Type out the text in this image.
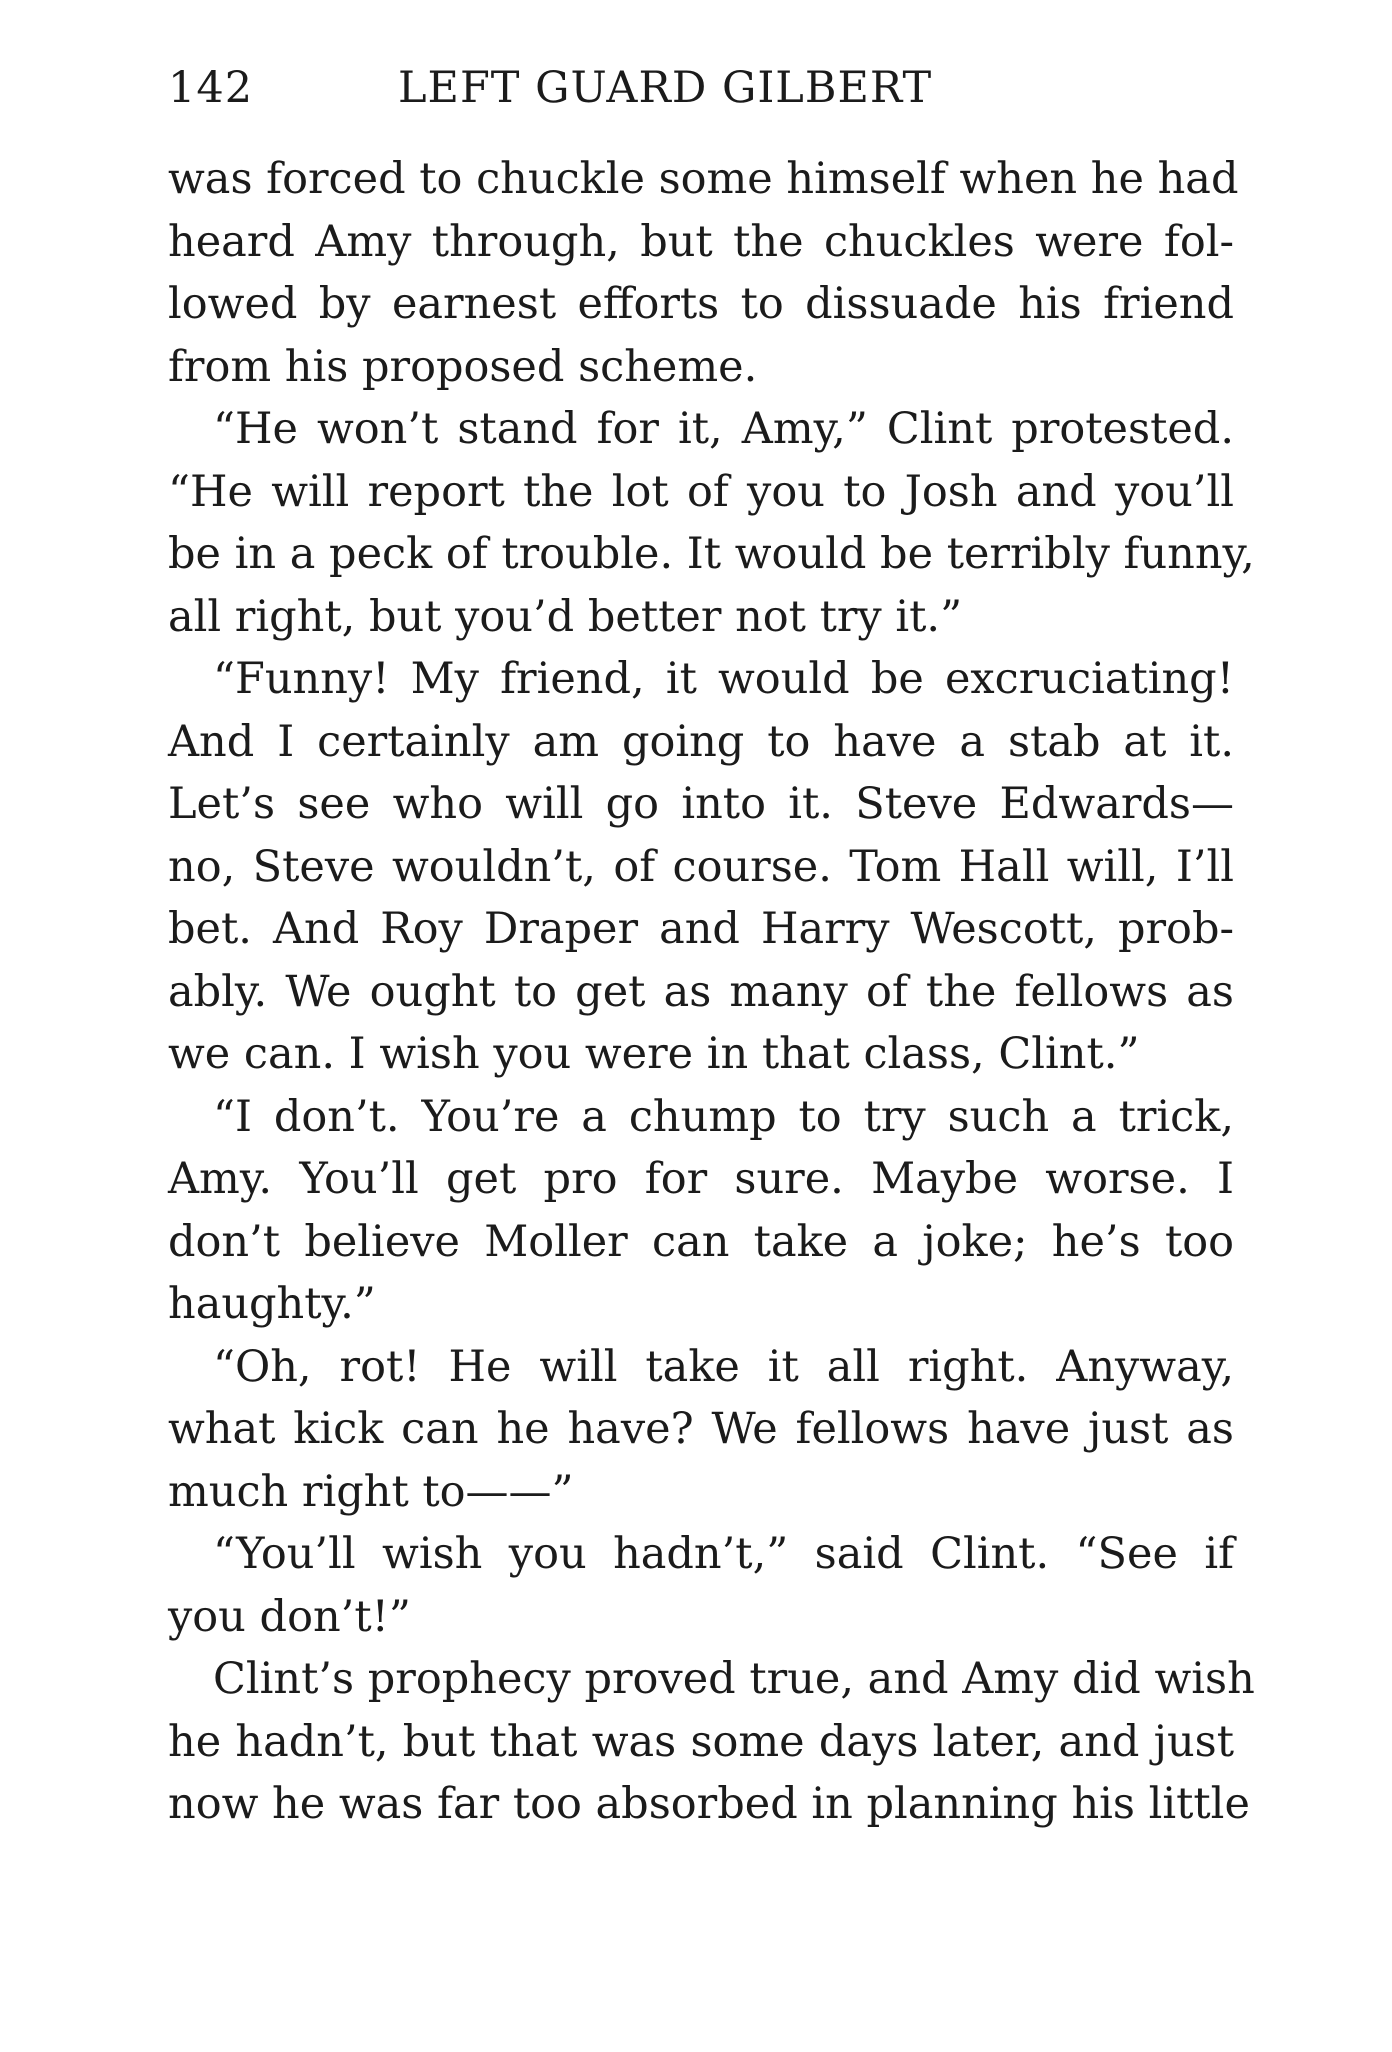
142	LEFT GUARD GILBERT
was forced to chuckle some himself when he had
heard Amy through, but the chuckles were fol-
lowed by earnest efforts to dissuade his friend
from his proposed scheme.
“He won’t stand for it, Amy,” Clint protested.
“He will report the lot of you to Josh and you’ll
be in a peck of trouble. It would be terribly funny,
all right, but you’d better not try it.”
“Funny! My friend, it would be excruciating!
And I certainly am going to have a stab at it.
Let’s see who will go into it. Steve Edwards—
no, Steve wouldn’t, of course. Tom Hall will, I’ll
bet. And Roy Draper and Harry Wescott, prob-
ably. We ought to get as many of the fellows as
we can. I wish you were in that class, Clint.”
“I don’t. You’re a chump to try such a trick,
Amy. You’ll get pro for sure. Maybe worse. I
don’t believe Moller can take a joke; he’s too
haughty.”
“Oh, rot! He will take it all right. Anyway,
what kick can he have? We fellows have just as
much right to——”
“You’ll wish you hadn’t,” said Clint. “See if
you don’t!”
Clint’s prophecy proved true, and Amy did wish
he hadn’t, but that was some days later, and just
now he was far too absorbed in planning his little
